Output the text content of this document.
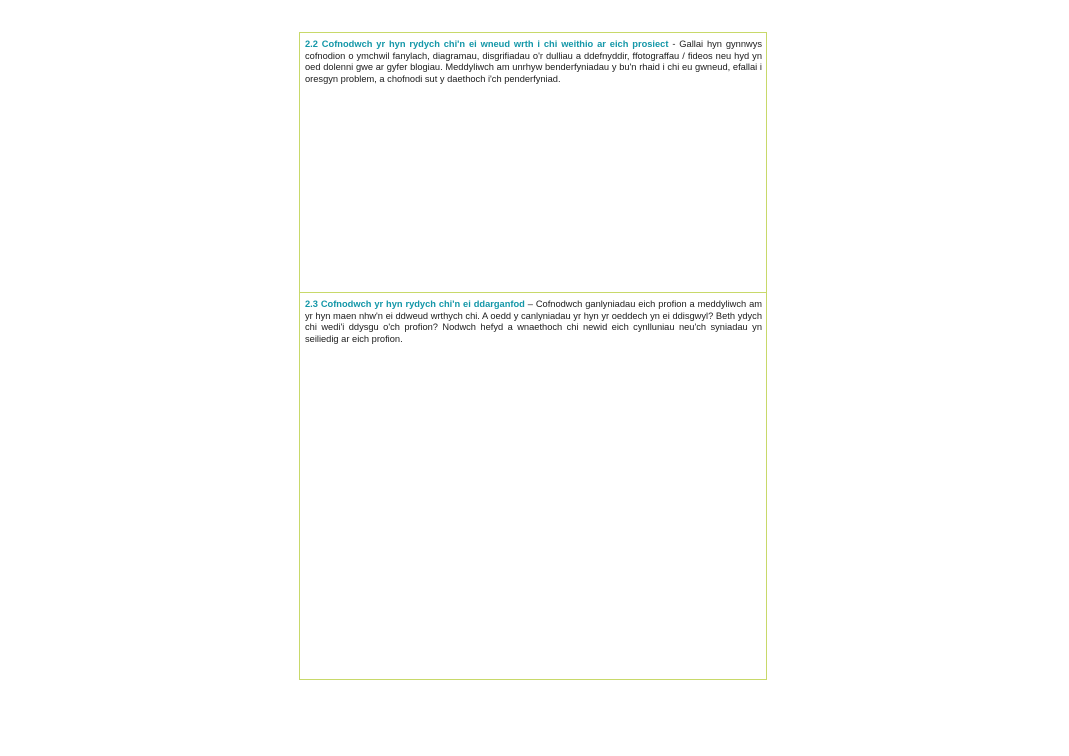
2.2 Cofnodwch yr hyn rydych chi'n ei wneud wrth i chi weithio ar eich prosiect - Gallai hyn gynnwys cofnodion o ymchwil fanylach, diagramau, disgrifiadau o'r dulliau a ddefnyddir, ffotograffau / fideos neu hyd yn oed dolenni gwe ar gyfer blogiau. Meddyliwch am unrhyw benderfyniadau y bu'n rhaid i chi eu gwneud, efallai i oresgyn problem, a chofnodi sut y daethoch i'ch penderfyniad.

2.3 Cofnodwch yr hyn rydych chi'n ei ddarganfod – Cofnodwch ganlyniadau eich profion a meddyliwch am yr hyn maen nhw'n ei ddweud wrthych chi. A oedd y canlyniadau yr hyn yr oeddech yn ei ddisgwyl? Beth ydych chi wedi'i ddysgu o'ch profion? Nodwch hefyd a wnaethoch chi newid eich cynlluniau neu'ch syniadau yn seiliedig ar eich profion.
